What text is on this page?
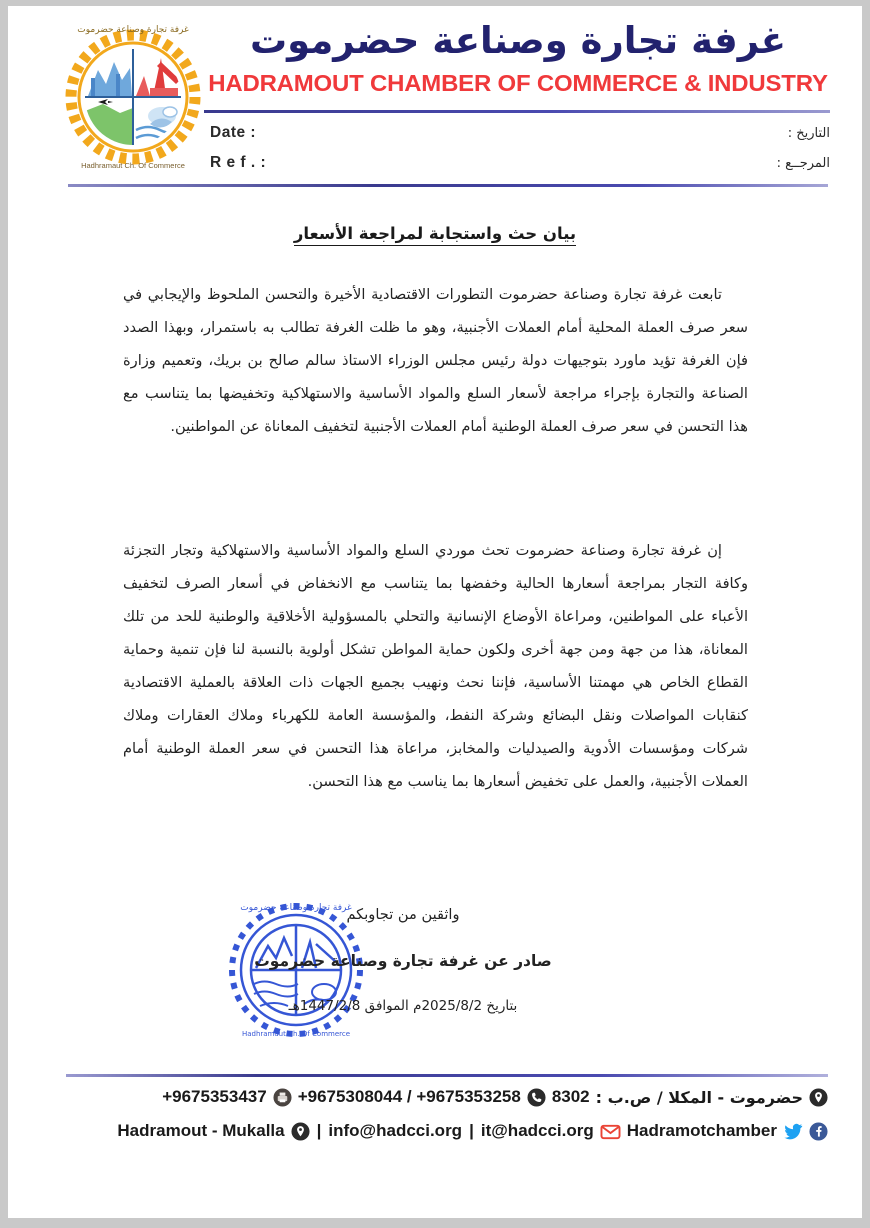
غرفة تجارة وصناعة حضرموت
Hadhramaut Ch. Of Commerce
غرفة تجارة وصناعة حضرموت
HADRAMOUT CHAMBER OF COMMERCE & INDUSTRY
Date :	التاريخ :
R e f . :	المرجــع :
بيان حث واستجابة لمراجعة الأسعار
تابعت غرفة تجارة وصناعة حضرموت التطورات الاقتصادية الأخيرة والتحسن الملحوظ والإيجابي في سعر صرف العملة المحلية أمام العملات الأجنبية، وهو ما ظلت الغرفة تطالب به باستمرار، وبهذا الصدد فإن الغرفة تؤيد ماورد بتوجيهات دولة رئيس مجلس الوزراء الاستاذ سالم صالح بن بريك، وتعميم وزارة الصناعة والتجارة بإجراء مراجعة لأسعار السلع والمواد الأساسية والاستهلاكية وتخفيضها بما يتناسب مع هذا التحسن في سعر صرف العملة الوطنية أمام العملات الأجنبية لتخفيف المعاناة عن المواطنين.
إن غرفة تجارة وصناعة حضرموت تحث موردي السلع والمواد الأساسية والاستهلاكية وتجار التجزئة وكافة التجار بمراجعة أسعارها الحالية وخفضها بما يتناسب مع الانخفاض في أسعار الصرف لتخفيف الأعباء على المواطنين، ومراعاة الأوضاع الإنسانية والتحلي بالمسؤولية الأخلاقية والوطنية للحد من تلك المعاناة، هذا من جهة ومن جهة أخرى ولكون حماية المواطن تشكل أولوية بالنسبة لنا فإن تنمية وحماية القطاع الخاص هي مهمتنا الأساسية، فإننا نحث ونهيب بجميع الجهات ذات العلاقة بالعملية الاقتصادية كنقابات المواصلات ونقل البضائع وشركة النفط، والمؤسسة العامة للكهرباء وملاك العقارات وملاك شركات ومؤسسات الأدوية والصيدليات والمخابز، مراعاة هذا التحسن في سعر العملة الوطنية أمام العملات الأجنبية، والعمل على تخفيض أسعارها بما يناسب مع هذا التحسن.
غرفة تجارة وصناعة حضرموت
Hadhramaut Ch. Of Commerce
واثقين من تجاوبكم
صادر عن غرفة تجارة وصناعة حضرموت
بتاريخ 2025/8/2م الموافق 1447/2/8هـ
حضرموت - المكلا / ص.ب :
8302
+9675308044 / +9675353258
+9675353437
Hadramotchamber
it@hadcci.org
|
info@hadcci.org
|
Hadramout - Mukalla
